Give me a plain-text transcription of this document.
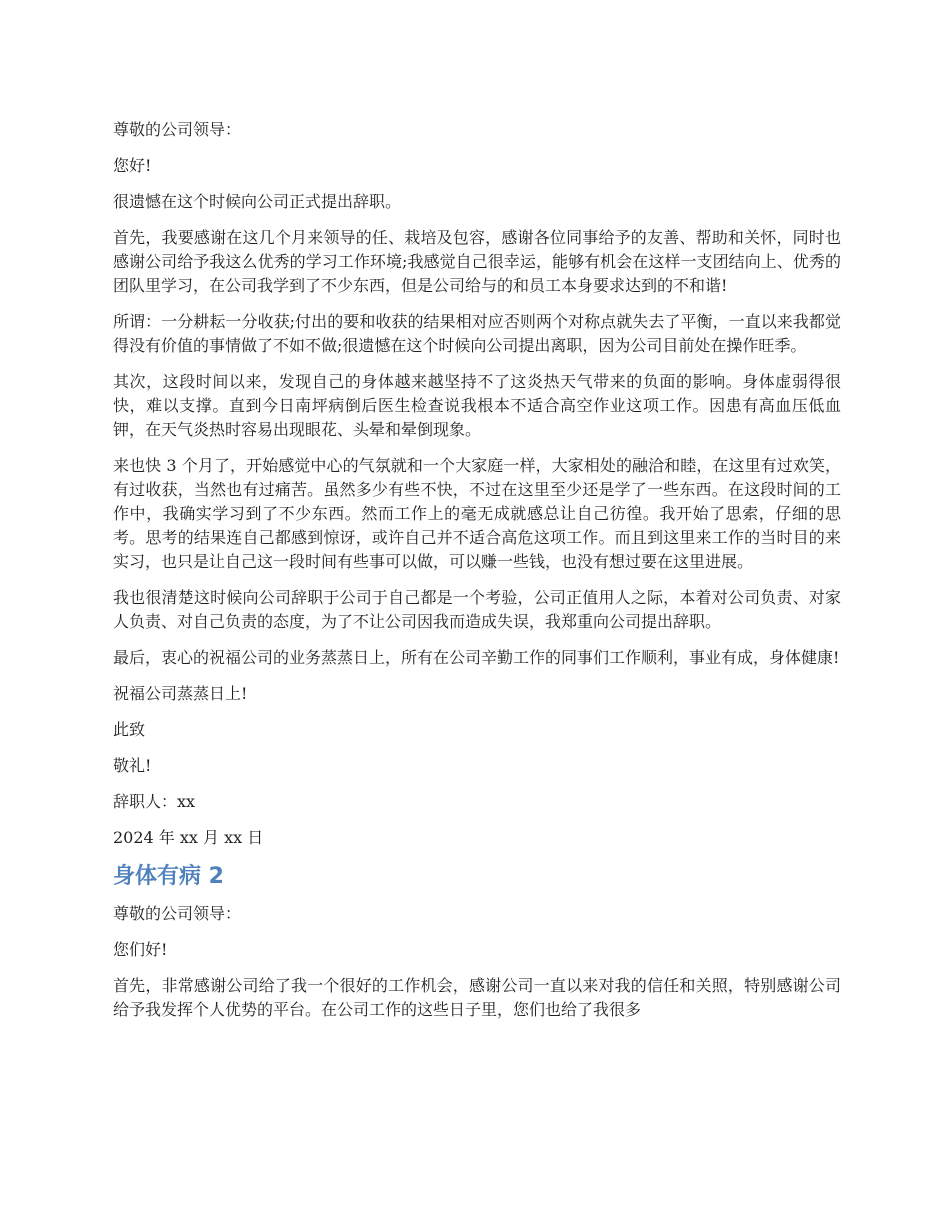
尊敬的公司领导：

您好!

很遗憾在这个时候向公司正式提出辞职。

首先，我要感谢在这几个月来领导的任、栽培及包容，感谢各位同事给予的友善、帮助和关怀，同时也感谢公司给予我这么优秀的学习工作环境;我感觉自己很幸运，能够有机会在这样一支团结向上、优秀的团队里学习，在公司我学到了不少东西，但是公司给与的和员工本身要求达到的不和谐!

所谓：一分耕耘一分收获;付出的要和收获的结果相对应否则两个对称点就失去了平衡，一直以来我都觉得没有价值的事情做了不如不做;很遗憾在这个时候向公司提出离职，因为公司目前处在操作旺季。

其次，这段时间以来，发现自己的身体越来越坚持不了这炎热天气带来的负面的影响。身体虚弱得很快，难以支撑。直到今日南坪病倒后医生检查说我根本不适合高空作业这项工作。因患有高血压低血钾，在天气炎热时容易出现眼花、头晕和晕倒现象。

来也快 3 个月了，开始感觉中心的气氛就和一个大家庭一样，大家相处的融洽和睦，在这里有过欢笑，有过收获，当然也有过痛苦。虽然多少有些不快，不过在这里至少还是学了一些东西。在这段时间的工作中，我确实学习到了不少东西。然而工作上的毫无成就感总让自己彷徨。我开始了思索，仔细的思考。思考的结果连自己都感到惊讶，或许自己并不适合高危这项工作。而且到这里来工作的当时目的来实习，也只是让自己这一段时间有些事可以做，可以赚一些钱，也没有想过要在这里进展。

我也很清楚这时候向公司辞职于公司于自己都是一个考验，公司正值用人之际，本着对公司负责、对家人负责、对自己负责的态度，为了不让公司因我而造成失误，我郑重向公司提出辞职。

最后，衷心的祝福公司的业务蒸蒸日上，所有在公司辛勤工作的同事们工作顺利，事业有成，身体健康!

祝福公司蒸蒸日上!

此致

敬礼!

辞职人：xx

2024 年 xx 月 xx 日

身体有病 2

尊敬的公司领导：

您们好!

首先，非常感谢公司给了我一个很好的工作机会，感谢公司一直以来对我的信任和关照，特别感谢公司给予我发挥个人优势的平台。在公司工作的这些日子里，您们也给了我很多
